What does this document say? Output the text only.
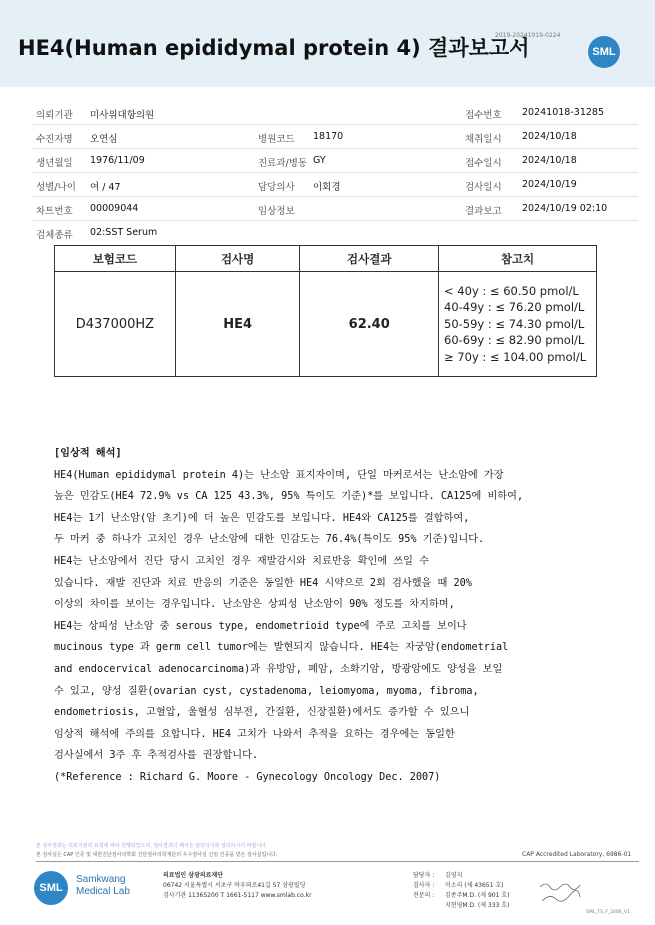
HE4(Human epididymal protein 4) 결과보고서
2019-20241019-0224
SML
의뢰기관 미사위대항의원	접수번호 20241018-31285
수진자명 오연심	병원코드 18170	채취일시 2024/10/18
생년월일 1976/11/09	진료과/병동 GY	접수일시 2024/10/18
성별/나이 여 / 47	담당의사 이회경	검사일시 2024/10/19
차트번호 00009044	임상정보	결과보고 2024/10/19 02:10
검체종류 02:SST Serum
보험코드	검사명	검사결과	참고치
D437000HZ	HE4	62.40	< 40y : ≤ 60.50 pmol/L
40-49y : ≤ 76.20 pmol/L
50-59y : ≤ 74.30 pmol/L
60-69y : ≤ 82.90 pmol/L
≥ 70y : ≤ 104.00 pmol/L
[임상적 해석]
HE4(Human epididymal protein 4)는 난소암 표지자이며, 단일 마커로서는 난소암에 가장
높은 민감도(HE4 72.9% vs CA 125 43.3%, 95% 특이도 기준)*를 보입니다. CA125에 비하여,
HE4는 1기 난소암(암 초기)에 더 높은 민감도를 보입니다. HE4와 CA125를 결합하여,
두 마커 중 하나가 고치인 경우 난소암에 대한 민감도는 76.4%(특이도 95% 기준)입니다.
HE4는 난소암에서 진단 당시 고치인 경우 재발감시와 치료반응 확인에 쓰일 수
있습니다. 재발 진단과 치료 반응의 기준은 동일한 HE4 시약으로 2회 검사했을 때 20%
이상의 차이를 보이는 경우입니다. 난소암은 상피성 난소암이 90% 정도를 차지하며,
HE4는 상피성 난소암 중 serous type, endometrioid type에 주로 고치를 보이나
mucinous type 과 germ cell tumor에는 발현되지 않습니다. HE4는 자궁암(endometrial
and endocervical adenocarcinoma)과 유방암, 폐암, 소화기암, 방광암에도 양성을 보일
수 있고, 양성 질환(ovarian cyst, cystadenoma, leiomyoma, myoma, fibroma,
endometriosis, 고혈압, 울혈성 심부전, 간질환, 신장질환)에서도 증가할 수 있으니
임상적 해석에 주의를 요합니다. HE4 고치가 나와서 추적을 요하는 경우에는 동일한
검사실에서 3주 후 추적검사를 권장합니다.
(*Reference : Richard G. Moore - Gynecology Oncology Dec. 2007)
본 검사결과는 의뢰기관의 요청에 따라 진행되었으며, 검사결과의 해석은 담당의사와 상의하시기 바랍니다.
본 검사실은 CAP 인증 및 대한진단검사의학회 진단검사의학재단의 우수검사실 신임 인증을 받은 검사실입니다.	CAP Accredited Laboratory, 6986-01
SML
Samkwang
Medical Lab
의료법인 삼광의료재단
06742 서울특별시 서초구 바우뫼로41길 57 삼광빌딩
검사기관 11365200 T 1661-5117 www.smlab.co.kr
담당자 : 김영지
검사자 : 이소리 (제 43651 호)
전문의 : 김종주M.D. (제 901 호)
지현영M.D. (제 333 호)
SML_TS_F_2406_V1
